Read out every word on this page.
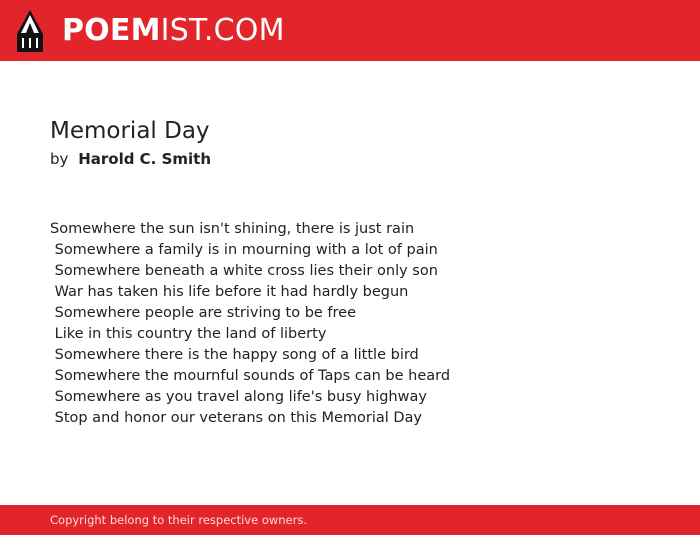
POEMIST.COM
Memorial Day
by Harold C. Smith
Somewhere the sun isn't shining, there is just rain
Somewhere a family is in mourning with a lot of pain
Somewhere beneath a white cross lies their only son
War has taken his life before it had hardly begun
Somewhere people are striving to be free
Like in this country the land of liberty
Somewhere there is the happy song of a little bird
Somewhere the mournful sounds of Taps can be heard
Somewhere as you travel along life's busy highway
Stop and honor our veterans on this Memorial Day
Copyright belong to their respective owners.
